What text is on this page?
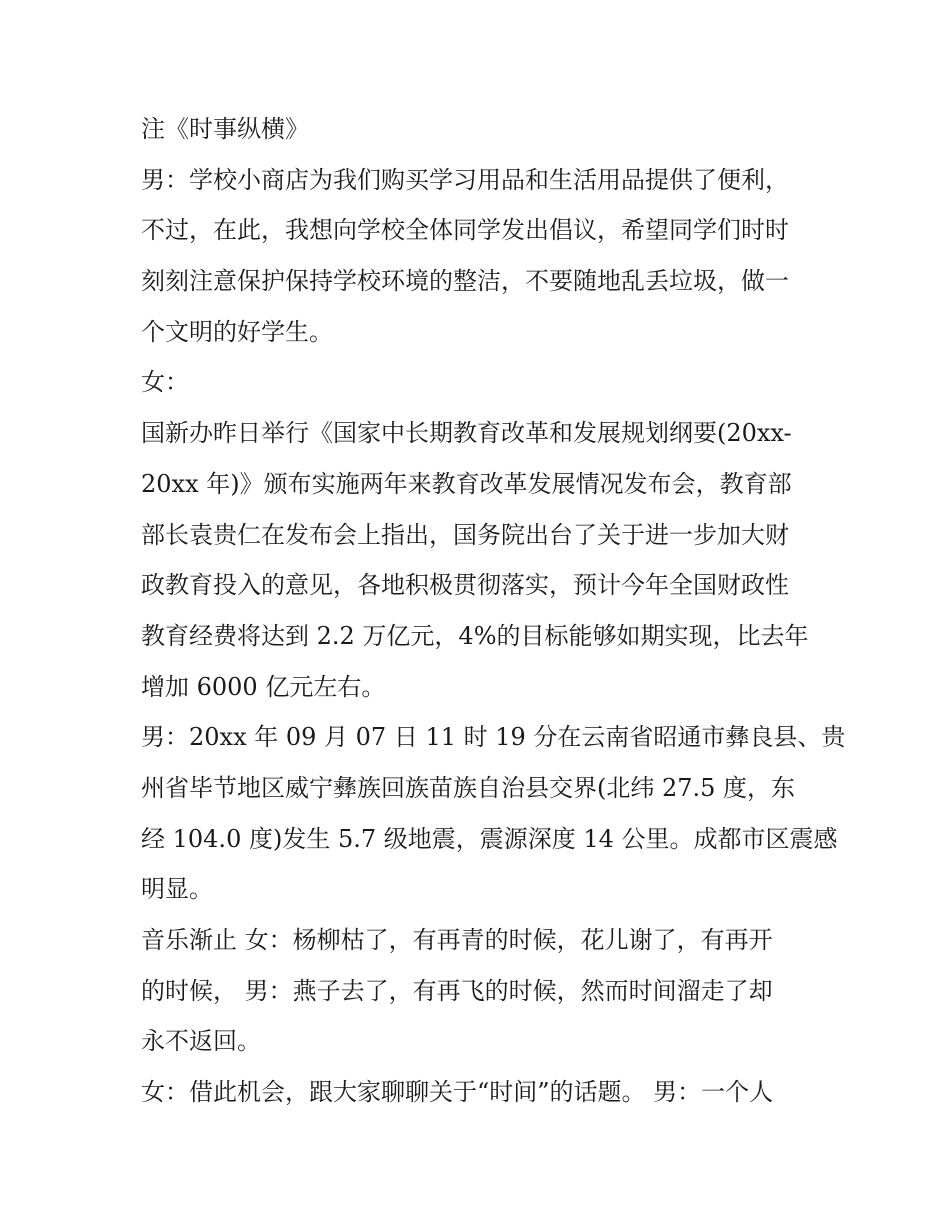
注《时事纵横》
男：学校小商店为我们购买学习用品和生活用品提供了便利，
不过，在此，我想向学校全体同学发出倡议，希望同学们时时
刻刻注意保护保持学校环境的整洁，不要随地乱丢垃圾，做一
个文明的好学生。
女：
国新办昨日举行《国家中长期教育改革和发展规划纲要(20xx-
20xx 年)》颁布实施两年来教育改革发展情况发布会，教育部
部长袁贵仁在发布会上指出，国务院出台了关于进一步加大财
政教育投入的意见，各地积极贯彻落实，预计今年全国财政性
教育经费将达到 2.2 万亿元，4%的目标能够如期实现，比去年
增加 6000 亿元左右。
男：20xx 年 09 月 07 日 11 时 19 分在云南省昭通市彝良县、贵
州省毕节地区威宁彝族回族苗族自治县交界(北纬 27.5 度，东
经 104.0 度)发生 5.7 级地震，震源深度 14 公里。成都市区震感
明显。
音乐渐止 女：杨柳枯了，有再青的时候，花儿谢了，有再开
的时候， 男：燕子去了，有再飞的时候，然而时间溜走了却
永不返回。
女：借此机会，跟大家聊聊关于“时间”的话题。 男：一个人
